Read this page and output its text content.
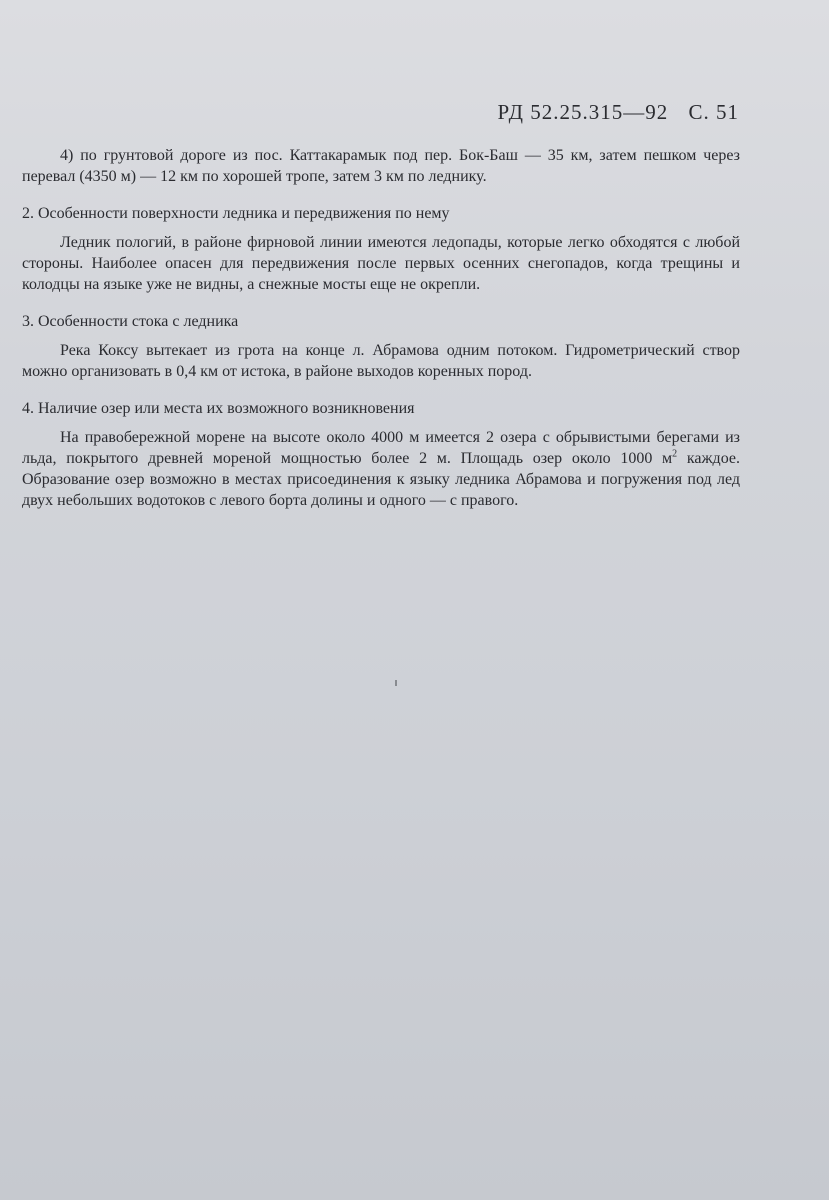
РД 52.25.315—92 С. 51

4) по грунтовой дороге из пос. Каттакарамык под пер. Бок-Баш — 35 км, затем пешком через перевал (4350 м) — 12 км по хорошей тропе, затем 3 км по леднику.

2. Особенности поверхности ледника и передвижения по нему

Ледник пологий, в районе фирновой линии имеются ледопады, которые легко обходятся с любой стороны. Наиболее опасен для передвижения после первых осенних снегопадов, когда трещины и колодцы на языке уже не видны, а снежные мосты еще не окрепли.

3. Особенности стока с ледника

Река Коксу вытекает из грота на конце л. Абрамова одним потоком. Гидрометрический створ можно организовать в 0,4 км от истока, в районе выходов коренных пород.

4. Наличие озер или места их возможного возникновения

На правобережной морене на высоте около 4000 м имеется 2 озера с обрывистыми берегами из льда, покрытого древней мореной мощностью более 2 м. Площадь озер около 1000 $м^2$ каждое. Образование озер возможно в местах присоединения к языку ледника Абрамова и погружения под лед двух небольших водотоков с левого борта долины и одного — с правого.
